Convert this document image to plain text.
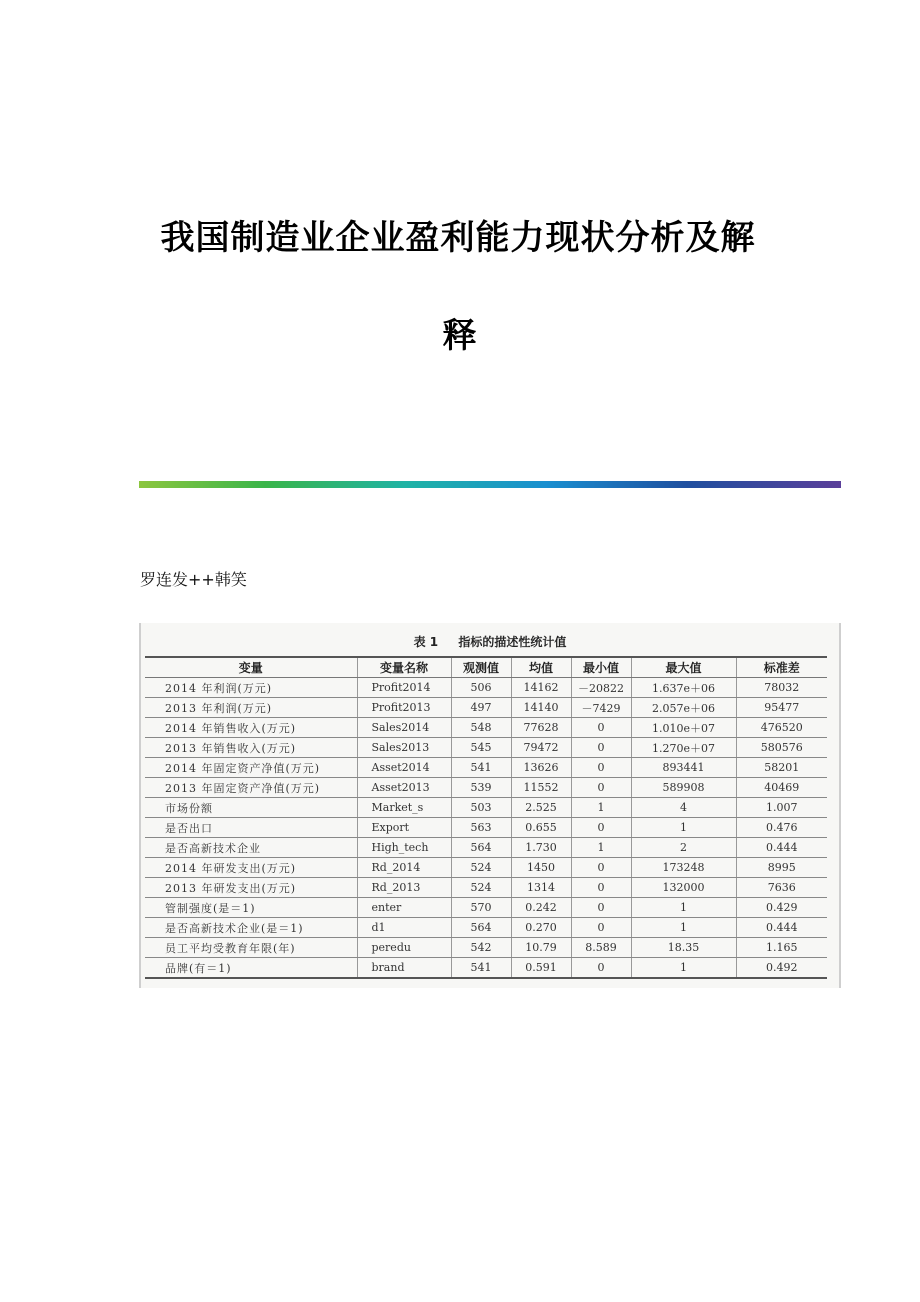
我国制造业企业盈利能力现状分析及解
释
罗连发++韩笑
表 1 指标的描述性统计值
变量	变量名称	观测值	均值	最小值	最大值	标准差
2014 年利润(万元)	Profit2014	506	14162	－20822	1.637e＋06	78032
2013 年利润(万元)	Profit2013	497	14140	－7429	2.057e＋06	95477
2014 年销售收入(万元)	Sales2014	548	77628	0	1.010e＋07	476520
2013 年销售收入(万元)	Sales2013	545	79472	0	1.270e＋07	580576
2014 年固定资产净值(万元)	Asset2014	541	13626	0	893441	58201
2013 年固定资产净值(万元)	Asset2013	539	11552	0	589908	40469
市场份额	Market_s	503	2.525	1	4	1.007
是否出口	Export	563	0.655	0	1	0.476
是否高新技术企业	High_tech	564	1.730	1	2	0.444
2014 年研发支出(万元)	Rd_2014	524	1450	0	173248	8995
2013 年研发支出(万元)	Rd_2013	524	1314	0	132000	7636
管制强度(是＝1)	enter	570	0.242	0	1	0.429
是否高新技术企业(是＝1)	d1	564	0.270	0	1	0.444
员工平均受教育年限(年)	peredu	542	10.79	8.589	18.35	1.165
品牌(有＝1)	brand	541	0.591	0	1	0.492
